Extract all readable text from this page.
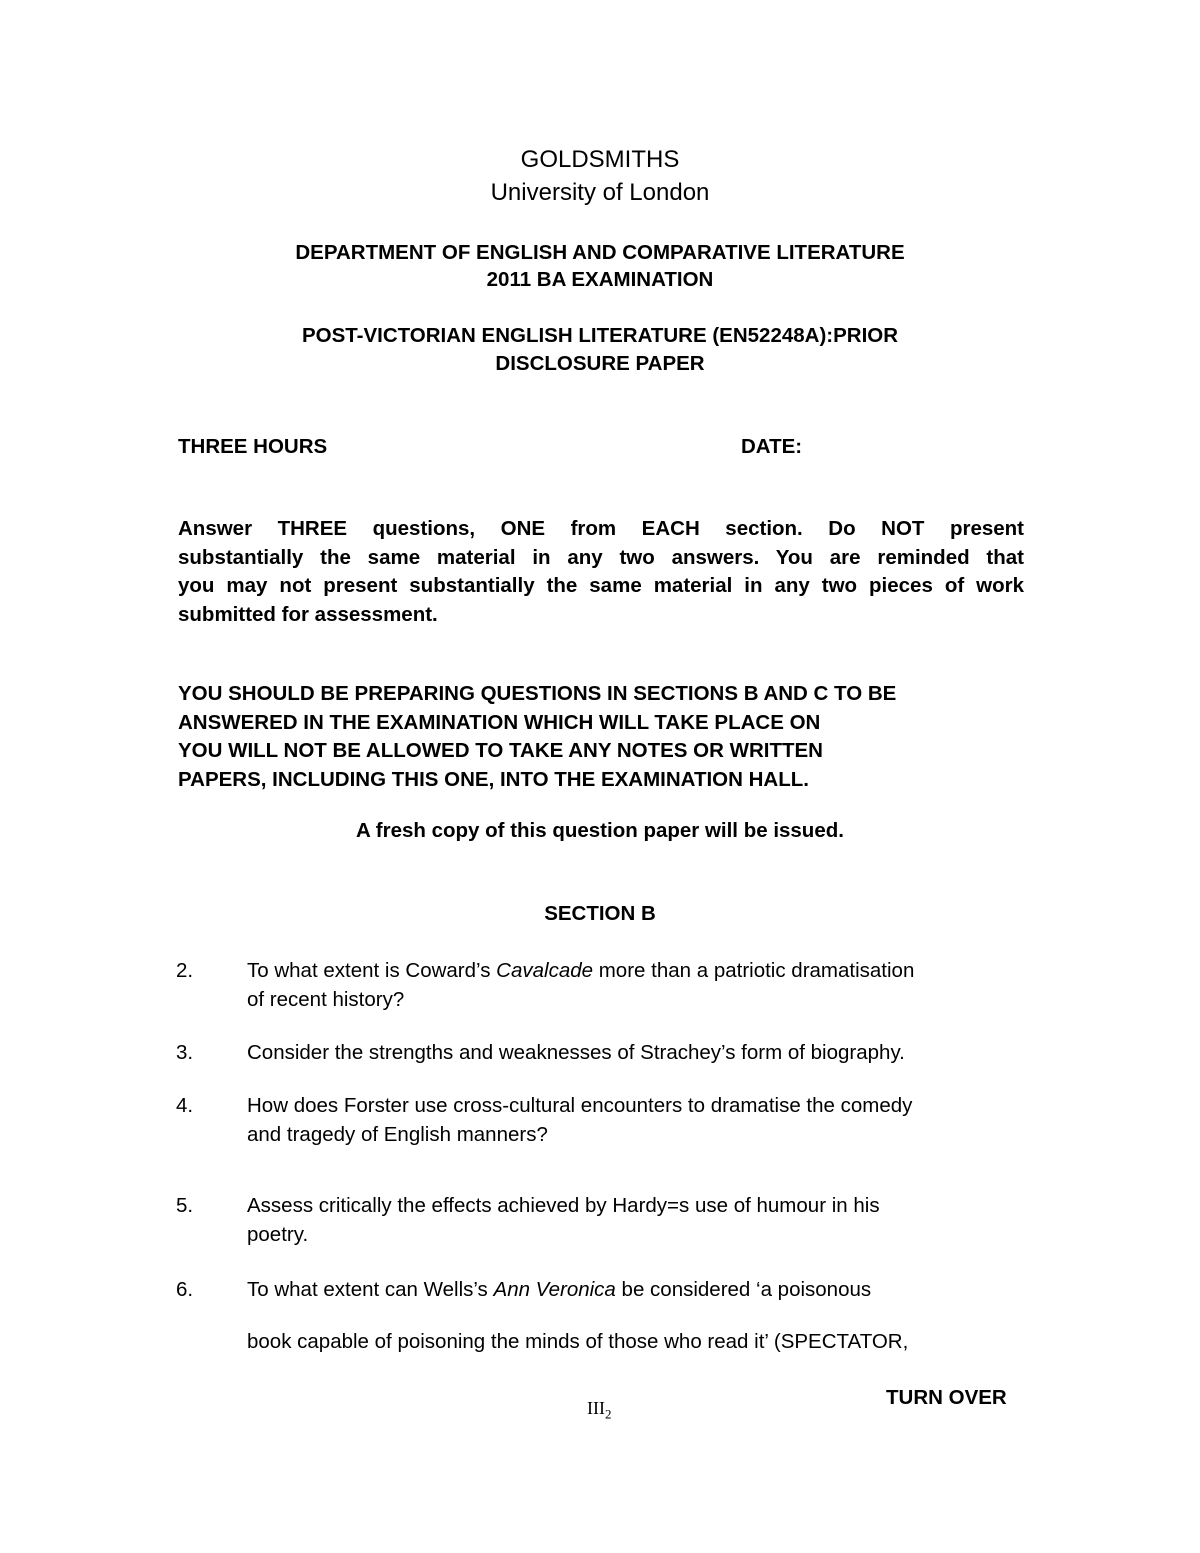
GOLDSMITHS
University of London
DEPARTMENT OF ENGLISH AND COMPARATIVE LITERATURE
2011 BA EXAMINATION
POST-VICTORIAN ENGLISH LITERATURE (EN52248A):PRIOR
DISCLOSURE PAPER
THREE HOURS	DATE:
Answer THREE questions, ONE from EACH section. Do NOT present
substantially the same material in any two answers. You are reminded that
you may not present substantially the same material in any two pieces of work
submitted for assessment.
YOU SHOULD BE PREPARING QUESTIONS IN SECTIONS B AND C TO BE
ANSWERED IN THE EXAMINATION WHICH WILL TAKE PLACE ON
YOU WILL NOT BE ALLOWED TO TAKE ANY NOTES OR WRITTEN
PAPERS, INCLUDING THIS ONE, INTO THE EXAMINATION HALL.
A fresh copy of this question paper will be issued.
SECTION B
2.	To what extent is Coward’s Cavalcade more than a patriotic dramatisation
of recent history?
3.	Consider the strengths and weaknesses of Strachey’s form of biography.
4.	How does Forster use cross-cultural encounters to dramatise the comedy
and tragedy of English manners?
5.	Assess critically the effects achieved by Hardy=s use of humour in his
poetry.
6.	To what extent can Wells’s Ann Veronica be considered ‘a poisonous
book capable of poisoning the minds of those who read it’ (SPECTATOR,
$III_2$
TURN OVER
